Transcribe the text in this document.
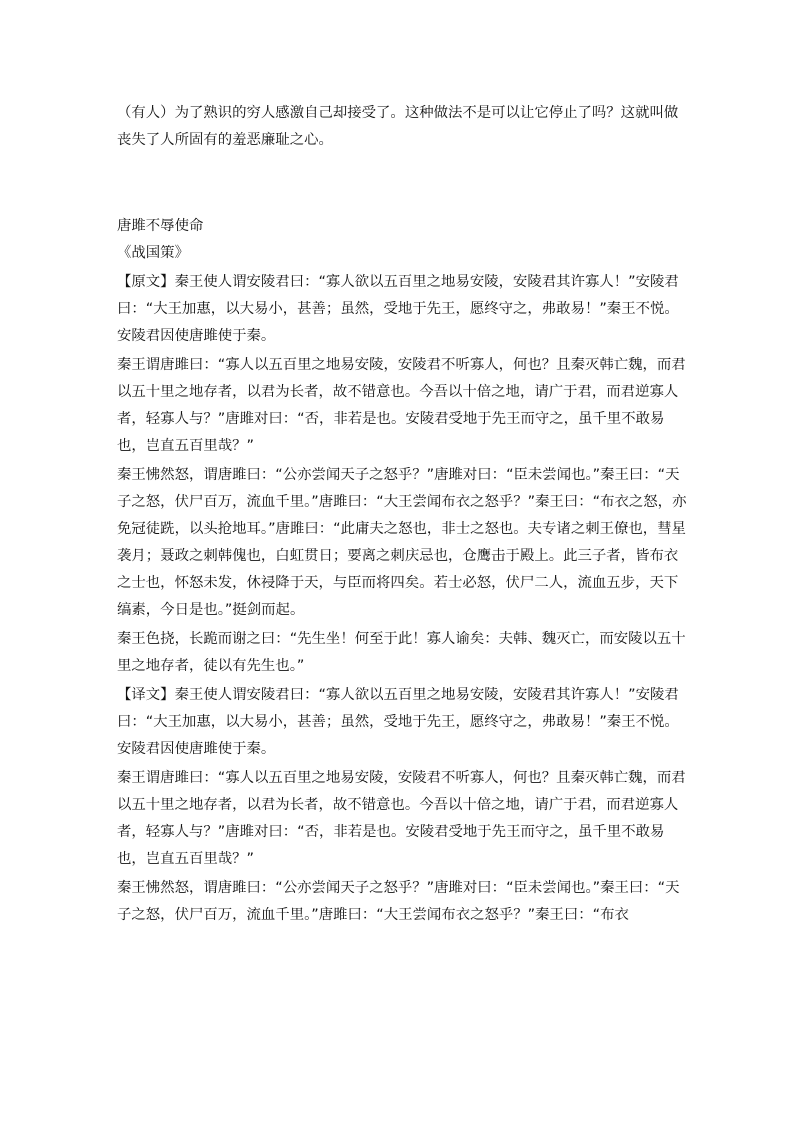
（有人）为了熟识的穷人感激自己却接受了。这种做法不是可以让它停止了吗？这就叫做丧失了人所固有的羞恶廉耻之心。

唐雎不辱使命

《战国策》

【原文】秦王使人谓安陵君曰：“寡人欲以五百里之地易安陵，安陵君其许寡人！”安陵君曰：“大王加惠，以大易小，甚善；虽然，受地于先王，愿终守之，弗敢易！”秦王不悦。安陵君因使唐雎使于秦。

秦王谓唐雎曰：“寡人以五百里之地易安陵，安陵君不听寡人，何也？且秦灭韩亡魏，而君以五十里之地存者，以君为长者，故不错意也。今吾以十倍之地，请广于君，而君逆寡人者，轻寡人与？”唐雎对曰：“否，非若是也。安陵君受地于先王而守之，虽千里不敢易也，岂直五百里哉？”

秦王怫然怒，谓唐雎曰：“公亦尝闻天子之怒乎？”唐雎对曰：“臣未尝闻也。”秦王曰：“天子之怒，伏尸百万，流血千里。”唐雎曰：“大王尝闻布衣之怒乎？”秦王曰：“布衣之怒，亦免冠徒跣，以头抢地耳。”唐雎曰：“此庸夫之怒也，非士之怒也。夫专诸之刺王僚也，彗星袭月；聂政之刺韩傀也，白虹贯日；要离之刺庆忌也，仓鹰击于殿上。此三子者，皆布衣之士也，怀怒未发，休祲降于天，与臣而将四矣。若士必怒，伏尸二人，流血五步，天下缟素，今日是也。”挺剑而起。

秦王色挠，长跪而谢之曰：“先生坐！何至于此！寡人谕矣：夫韩、魏灭亡，而安陵以五十里之地存者，徒以有先生也。”

【译文】秦王使人谓安陵君曰：“寡人欲以五百里之地易安陵，安陵君其许寡人！”安陵君曰：“大王加惠，以大易小，甚善；虽然，受地于先王，愿终守之，弗敢易！”秦王不悦。安陵君因使唐雎使于秦。

秦王谓唐雎曰：“寡人以五百里之地易安陵，安陵君不听寡人，何也？且秦灭韩亡魏，而君以五十里之地存者，以君为长者，故不错意也。今吾以十倍之地，请广于君，而君逆寡人者，轻寡人与？”唐雎对曰：“否，非若是也。安陵君受地于先王而守之，虽千里不敢易也，岂直五百里哉？”

秦王怫然怒，谓唐雎曰：“公亦尝闻天子之怒乎？”唐雎对曰：“臣未尝闻也。”秦王曰：“天子之怒，伏尸百万，流血千里。”唐雎曰：“大王尝闻布衣之怒乎？”秦王曰：“布衣
